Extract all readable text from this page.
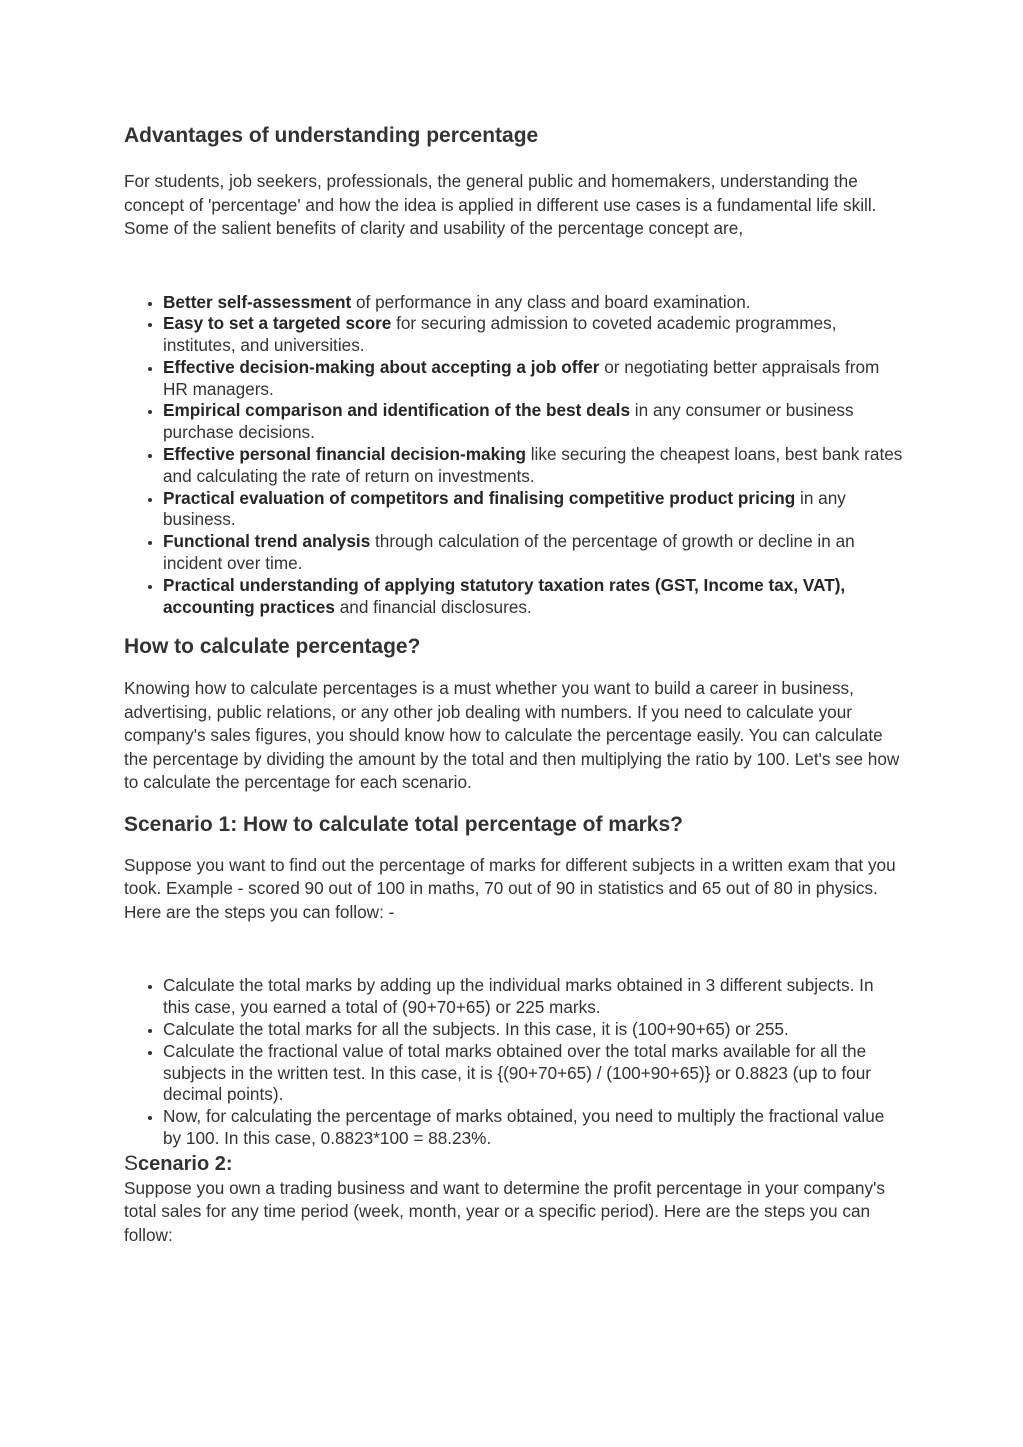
Advantages of understanding percentage

For students, job seekers, professionals, the general public and homemakers, understanding the concept of 'percentage' and how the idea is applied in different use cases is a fundamental life skill. Some of the salient benefits of clarity and usability of the percentage concept are,

• Better self-assessment of performance in any class and board examination.
• Easy to set a targeted score for securing admission to coveted academic programmes, institutes, and universities.
• Effective decision-making about accepting a job offer or negotiating better appraisals from HR managers.
• Empirical comparison and identification of the best deals in any consumer or business purchase decisions.
• Effective personal financial decision-making like securing the cheapest loans, best bank rates and calculating the rate of return on investments.
• Practical evaluation of competitors and finalising competitive product pricing in any business.
• Functional trend analysis through calculation of the percentage of growth or decline in an incident over time.
• Practical understanding of applying statutory taxation rates (GST, Income tax, VAT), accounting practices and financial disclosures.
How to calculate percentage?

Knowing how to calculate percentages is a must whether you want to build a career in business, advertising, public relations, or any other job dealing with numbers. If you need to calculate your company's sales figures, you should know how to calculate the percentage easily. You can calculate the percentage by dividing the amount by the total and then multiplying the ratio by 100. Let's see how to calculate the percentage for each scenario.

Scenario 1: How to calculate total percentage of marks?

Suppose you want to find out the percentage of marks for different subjects in a written exam that you took. Example - scored 90 out of 100 in maths, 70 out of 90 in statistics and 65 out of 80 in physics. Here are the steps you can follow: -

• Calculate the total marks by adding up the individual marks obtained in 3 different subjects. In this case, you earned a total of (90+70+65) or 225 marks.
• Calculate the total marks for all the subjects. In this case, it is (100+90+65) or 255.
• Calculate the fractional value of total marks obtained over the total marks available for all the subjects in the written test. In this case, it is {(90+70+65) / (100+90+65)} or 0.8823 (up to four decimal points).
• Now, for calculating the percentage of marks obtained, you need to multiply the fractional value by 100. In this case, 0.8823*100 = 88.23%.
Scenario 2:

Suppose you own a trading business and want to determine the profit percentage in your company's total sales for any time period (week, month, year or a specific period). Here are the steps you can follow:
